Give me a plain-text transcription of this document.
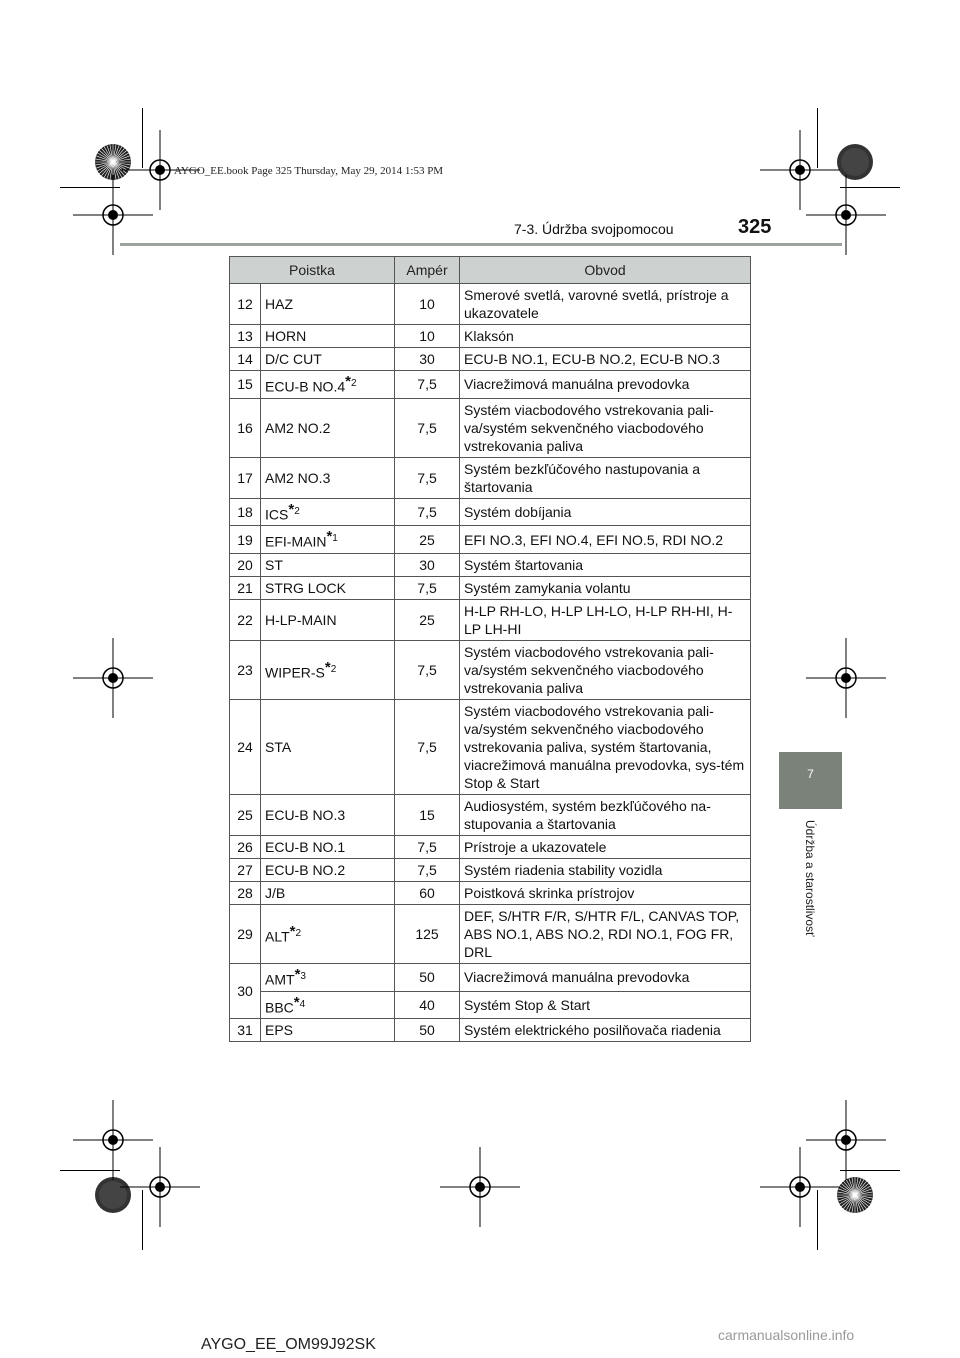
AYGO_EE.book Page 325 Thursday, May 29, 2014 1:53 PM
7-3. Údržba svojpomocou	325
7
Údržba a starostlivosť
Poistka		Ampér	Obvod
12	HAZ	10	Smerové svetlá, varovné svetlá, prístroje a ukazovatele
13	HORN	10	Klaksón
14	D/C CUT	30	ECU-B NO.1, ECU-B NO.2, ECU-B NO.3
15	ECU-B NO.4$^{*2}$	7,5	Viacrežimová manuálna prevodovka
16	AM2 NO.2	7,5	Systém viacbodového vstrekovania pali-va/systém sekvenčného viacbodového vstrekovania paliva
17	AM2 NO.3	7,5	Systém bezkľúčového nastupovania a štartovania
18	ICS$^{*2}$	7,5	Systém dobíjania
19	EFI-MAIN$^{*1}$	25	EFI NO.3, EFI NO.4, EFI NO.5, RDI NO.2
20	ST	30	Systém štartovania
21	STRG LOCK	7,5	Systém zamykania volantu
22	H-LP-MAIN	25	H-LP RH-LO, H-LP LH-LO, H-LP RH-HI, H-LP LH-HI
23	WIPER-$S^{*2}$	7,5	Systém viacbodového vstrekovania pali-va/systém sekvenčného viacbodového vstrekovania paliva
24	STA	7,5	Systém viacbodového vstrekovania pali-va/systém sekvenčného viacbodového vstrekovania paliva, systém štartovania, viacrežimová manuálna prevodovka, sys-tém Stop & Start
25	ECU-B NO.3	15	Audiosystém, systém bezkľúčového na-stupovania a štartovania
26	ECU-B NO.1	7,5	Prístroje a ukazovatele
27	ECU-B NO.2	7,5	Systém riadenia stability vozidla
28	J/B	60	Poistková skrinka prístrojov
29	ALT$^{*2}$	125	DEF, S/HTR F/R, S/HTR F/L, CANVAS TOP, ABS NO.1, ABS NO.2, RDI NO.1, FOG FR, DRL
30	AMT$^{*3}$	50	Viacrežimová manuálna prevodovka
	BBC$^{*4}$	40	Systém Stop & Start
31	EPS	50	Systém elektrického posilňovača riadenia
AYGO_EE_OM99J92SK
carmanualsonline.info
